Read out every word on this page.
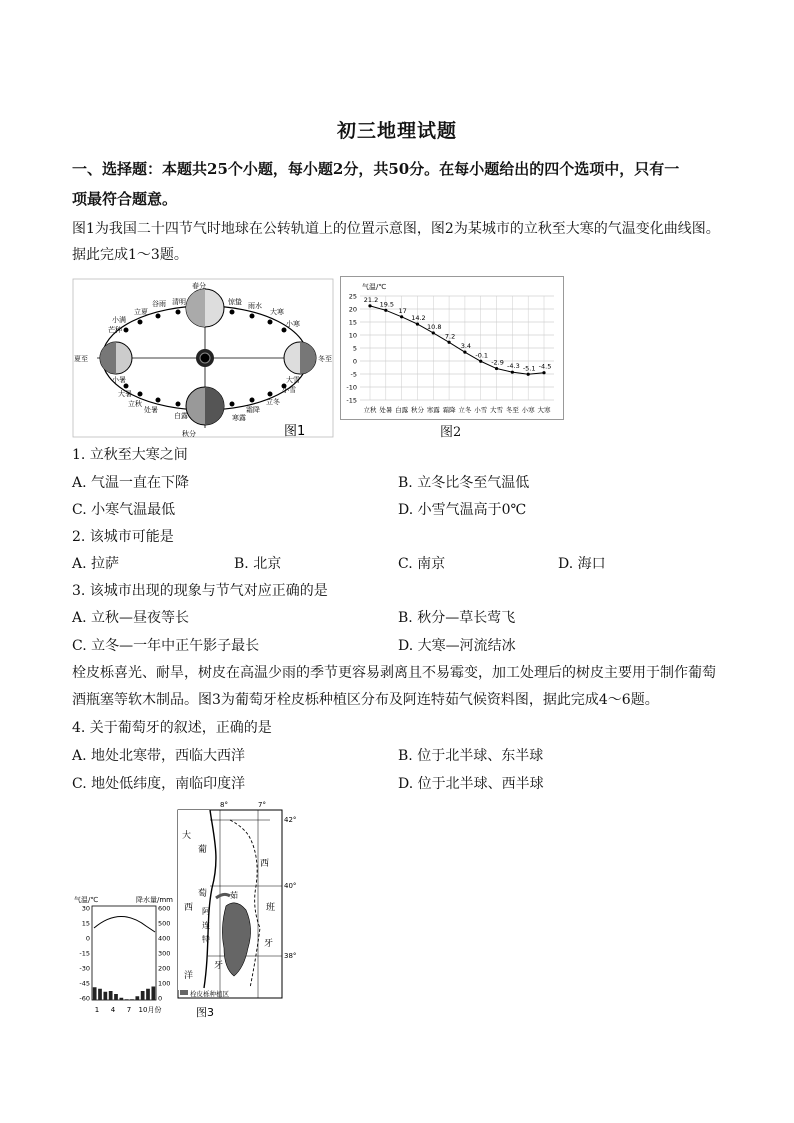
初三地理试题
一、选择题：本题共25个小题，每小题2分，共50分。在每小题给出的四个选项中，只有一
项最符合题意。
图1为我国二十四节气时地球在公转轨道上的位置示意图，图2为某城市的立秋至大寒的气温变化曲线图。
据此完成1～3题。
春分
谷雨 清明
立夏
小满
芒种
惊蛰 雨水
大寒
小寒
冬至
夏至
小暑
大暑
立秋
处暑
白露
秋分
寒露
霜降
立冬
小雪
大雪
图1
气温/℃
25
20
15
10
5
0
-5
-10
-15
立秋 处暑 白露 秋分 寒露 霜降 立冬 小雪 大雪 冬至 小寒 大寒
21.2
19.5
17
14.2
10.8
7.2
3.4
-0.1
-2.9 -4.3 -5.1 -4.5
图2
1. 立秋至大寒之间
A. 气温一直在下降	B. 立冬比冬至气温低
C. 小寒气温最低	D. 小雪气温高于0℃
2. 该城市可能是
A. 拉萨	B. 北京	C. 南京	D. 海口
3. 该城市出现的现象与节气对应正确的是
A. 立秋—昼夜等长	B. 秋分—草长莺飞
C. 立冬—一年中正午影子最长	D. 大寒—河流结冰
栓皮栎喜光、耐旱，树皮在高温少雨的季节更容易剥离且不易霉变，加工处理后的树皮主要用于制作葡萄
酒瓶塞等软木制品。图3为葡萄牙栓皮栎种植区分布及阿连特茹气候资料图，据此完成4～6题。
4. 关于葡萄牙的叙述，正确的是
A. 地处北寒带，西临大西洋	B. 位于北半球、东半球
C. 地处低纬度，南临印度洋	D. 位于北半球、西半球
气温/℃	降水量/mm
30
15
0
-15
-30
-45
-60
600
500
400
300
200
100
0
1 4 7 10月份
8°	7°
42°
40°
38°
大
西
洋
葡
萄
牙
西
班
牙
阿
连
特
茹
栓皮栎种植区
图3
